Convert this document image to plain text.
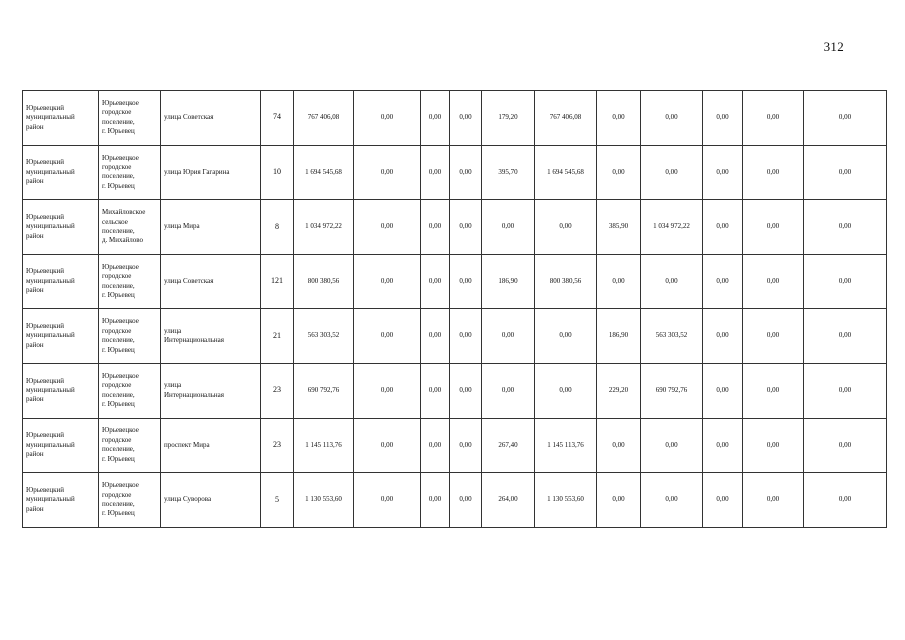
312
Юрьевецкий
муниципальный
район	Юрьевецкое
городское
поселение,
г. Юрьевец	улица Советская	74	767 406,08	0,00	0,00	0,00	179,20	767 406,08	0,00	0,00	0,00	0,00	0,00
Юрьевецкий
муниципальный
район	Юрьевецкое
городское
поселение,
г. Юрьевец	улица Юрия Гагарина	10	1 694 545,68	0,00	0,00	0,00	395,70	1 694 545,68	0,00	0,00	0,00	0,00	0,00
Юрьевецкий
муниципальный
район	Михайловское
сельское
поселение,
д. Михайлово	улица Мира	8	1 034 972,22	0,00	0,00	0,00	0,00	0,00	385,90	1 034 972,22	0,00	0,00	0,00
Юрьевецкий
муниципальный
район	Юрьевецкое
городское
поселение,
г. Юрьевец	улица Советская	121	800 380,56	0,00	0,00	0,00	186,90	800 380,56	0,00	0,00	0,00	0,00	0,00
Юрьевецкий
муниципальный
район	Юрьевецкое
городское
поселение,
г. Юрьевец	улица
Интернациональная	21	563 303,52	0,00	0,00	0,00	0,00	0,00	186,90	563 303,52	0,00	0,00	0,00
Юрьевецкий
муниципальный
район	Юрьевецкое
городское
поселение,
г. Юрьевец	улица
Интернациональная	23	690 792,76	0,00	0,00	0,00	0,00	0,00	229,20	690 792,76	0,00	0,00	0,00
Юрьевецкий
муниципальный
район	Юрьевецкое
городское
поселение,
г. Юрьевец	проспект Мира	23	1 145 113,76	0,00	0,00	0,00	267,40	1 145 113,76	0,00	0,00	0,00	0,00	0,00
Юрьевецкий
муниципальный
район	Юрьевецкое
городское
поселение,
г. Юрьевец	улица Суворова	5	1 130 553,60	0,00	0,00	0,00	264,00	1 130 553,60	0,00	0,00	0,00	0,00	0,00
